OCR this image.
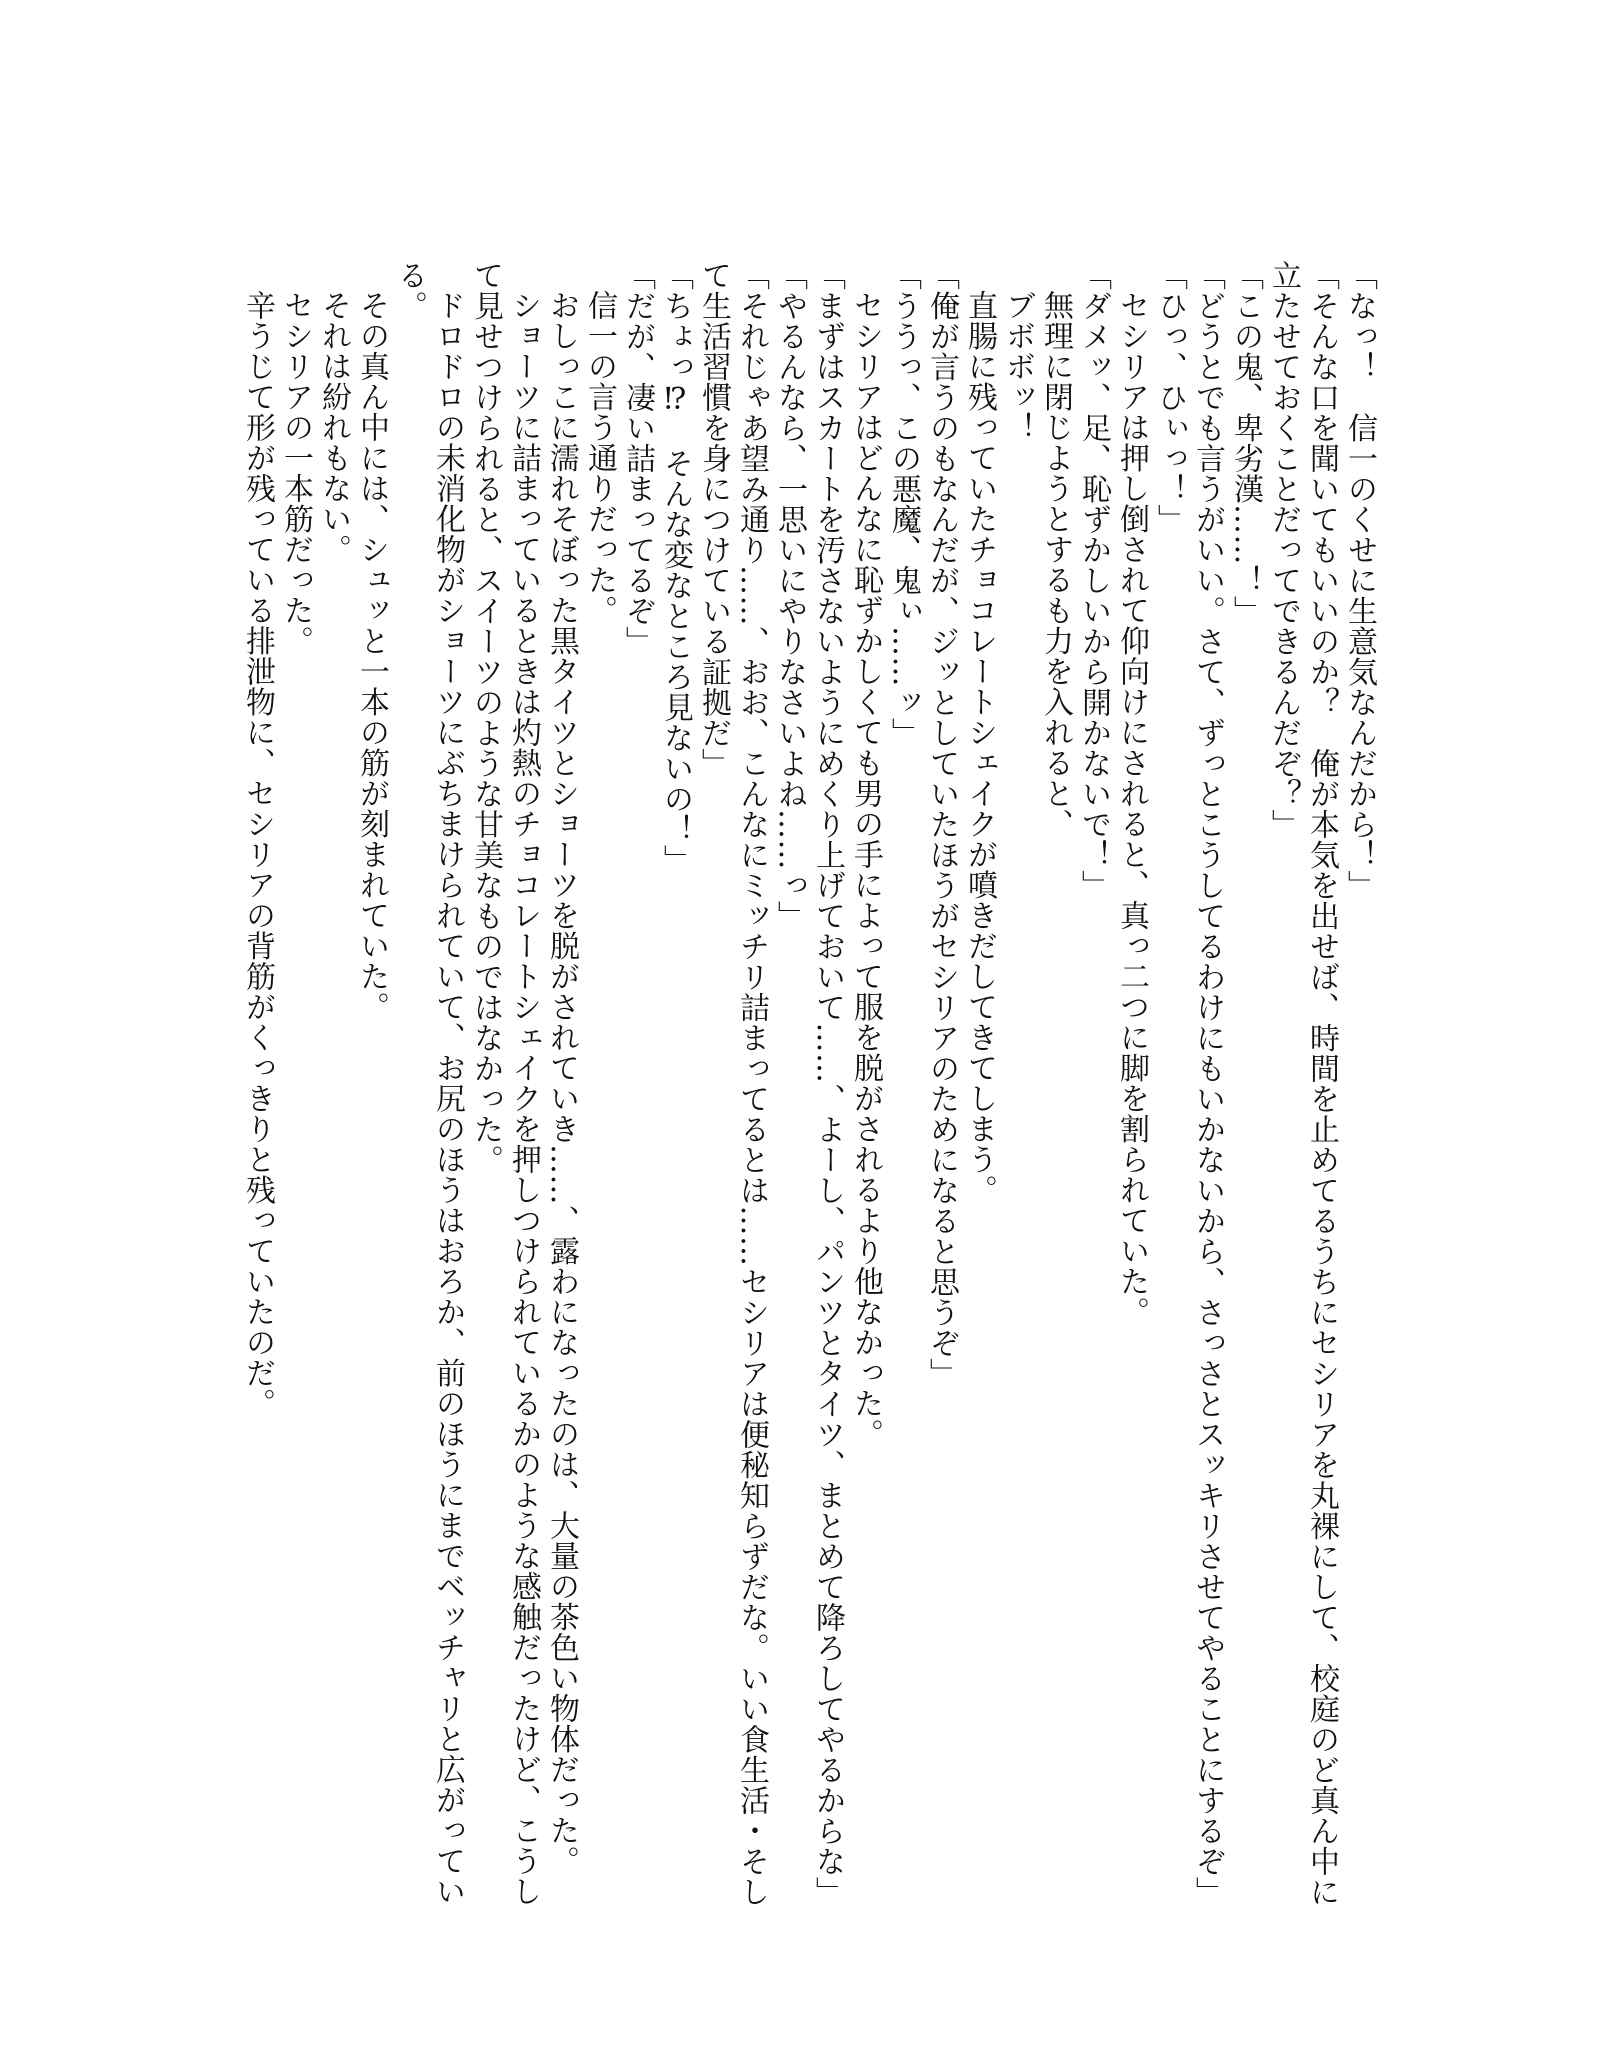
「なっ！　信一のくせに生意気なんだから！」

「そんな口を聞いてもいいのか？　俺が本気を出せば、時間を止めてるうちにセシリアを丸裸にして、校庭のど真ん中に立たせておくことだってできるんだぞ？」

「この鬼、卑劣漢……！」

「どうとでも言うがいい。さて、ずっとこうしてるわけにもいかないから、さっさとスッキリさせてやることにするぞ」

「ひっ、ひぃっ！」

セシリアは押し倒されて仰向けにされると、真っ二つに脚を割られていた。

「ダメッ、足、恥ずかしいから開かないで！」

無理に閉じようとするも力を入れると、

ブボボッ！

直腸に残っていたチョコレートシェイクが噴きだしてきてしまう。

「俺が言うのもなんだが、ジッとしていたほうがセシリアのためになると思うぞ」

「ううっ、この悪魔、鬼ぃ……ッ」

セシリアはどんなに恥ずかしくても男の手によって服を脱がされるより他なかった。

「まずはスカートを汚さないようにめくり上げておいて……、よーし、パンツとタイツ、まとめて降ろしてやるからな」

「やるんなら、一思いにやりなさいよね……っ」

「それじゃあ望み通り……、おお、こんなにミッチリ詰まってるとは……セシリアは便秘知らずだな。いい食生活・そして生活習慣を身につけている証拠だ」

「ちょっ⁉　そんな変なところ見ないの！」

「だが、凄い詰まってるぞ」

信一の言う通りだった。

おしっこに濡れそぼった黒タイツとショーツを脱がされていき……、露わになったのは、大量の茶色い物体だった。

ショーツに詰まっているときは灼熱のチョコレートシェイクを押しつけられているかのような感触だったけど、こうして見せつけられると、スイーツのような甘美なものではなかった。

ドロドロの未消化物がショーツにぶちまけられていて、お尻のほうはおろか、前のほうにまでベッチャリと広がっている。

その真ん中には、シュッと一本の筋が刻まれていた。

それは紛れもない。

セシリアの一本筋だった。

辛うじて形が残っている排泄物に、セシリアの背筋がくっきりと残っていたのだ。
